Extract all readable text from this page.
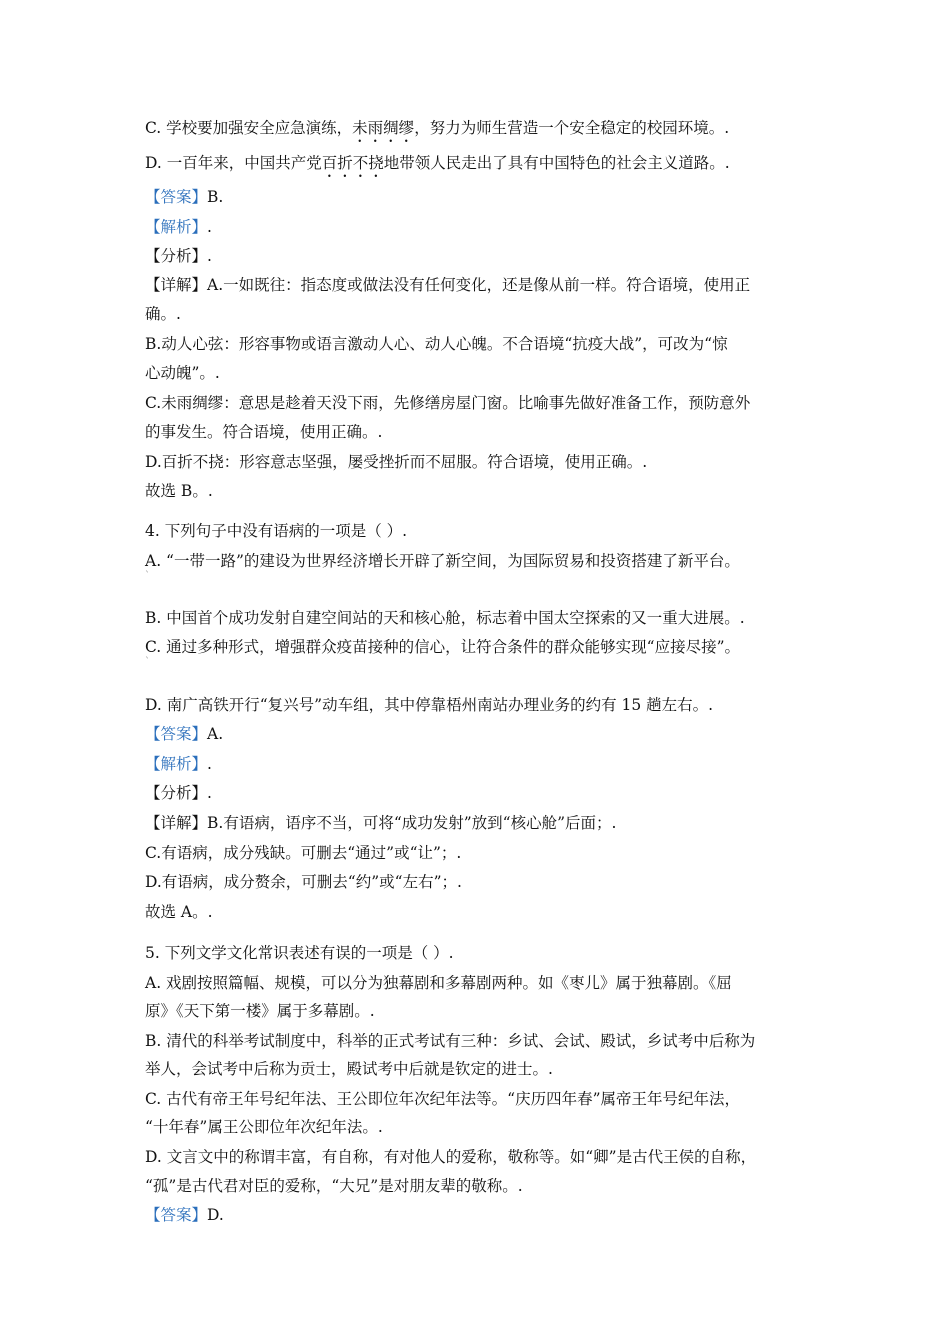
C. 学校要加强安全应急演练，未雨绸缪，努力为师生营造一个安全稳定的校园环境。.
D. 一百年来，中国共产党百折不挠地带领人民走出了具有中国特色的社会主义道路。.
【答案】B.
【解析】.
【分析】.
【详解】A.一如既往：指态度或做法没有任何变化，还是像从前一样。符合语境，使用正
确。.
B.动人心弦：形容事物或语言激动人心、动人心魄。不合语境“抗疫大战”，可改为“惊
心动魄”。.
C.未雨绸缪：意思是趁着天没下雨，先修缮房屋门窗。比喻事先做好准备工作，预防意外
的事发生。符合语境，使用正确。.
D.百折不挠：形容意志坚强，屡受挫折而不屈服。符合语境，使用正确。.
故选 B。.
4. 下列句子中没有语病的一项是（ ）.
A. “一带一路”的建设为世界经济增长开辟了新空间，为国际贸易和投资搭建了新平台。
`
B. 中国首个成功发射自建空间站的天和核心舱，标志着中国太空探索的又一重大进展。.
C. 通过多种形式，增强群众疫苗接种的信心，让符合条件的群众能够实现“应接尽接”。
`
D. 南广高铁开行“复兴号”动车组，其中停靠梧州南站办理业务的约有 15 趟左右。.
【答案】A.
【解析】.
【分析】.
【详解】B.有语病，语序不当，可将“成功发射”放到“核心舱”后面；.
C.有语病，成分残缺。可删去“通过”或“让”；.
D.有语病，成分赘余，可删去“约”或“左右”；.
故选 A。.
5. 下列文学文化常识表述有误的一项是（ ）.
A. 戏剧按照篇幅、规模，可以分为独幕剧和多幕剧两种。如《枣儿》属于独幕剧。《屈
原》《天下第一楼》属于多幕剧。.
B. 清代的科举考试制度中，科举的正式考试有三种：乡试、会试、殿试，乡试考中后称为
举人，会试考中后称为贡士，殿试考中后就是钦定的进士。.
C. 古代有帝王年号纪年法、王公即位年次纪年法等。“庆历四年春”属帝王年号纪年法，
“十年春”属王公即位年次纪年法。.
D. 文言文中的称谓丰富，有自称，有对他人的爱称，敬称等。如“卿”是古代王侯的自称，
“孤”是古代君对臣的爱称，“大兄”是对朋友辈的敬称。.
【答案】D.
